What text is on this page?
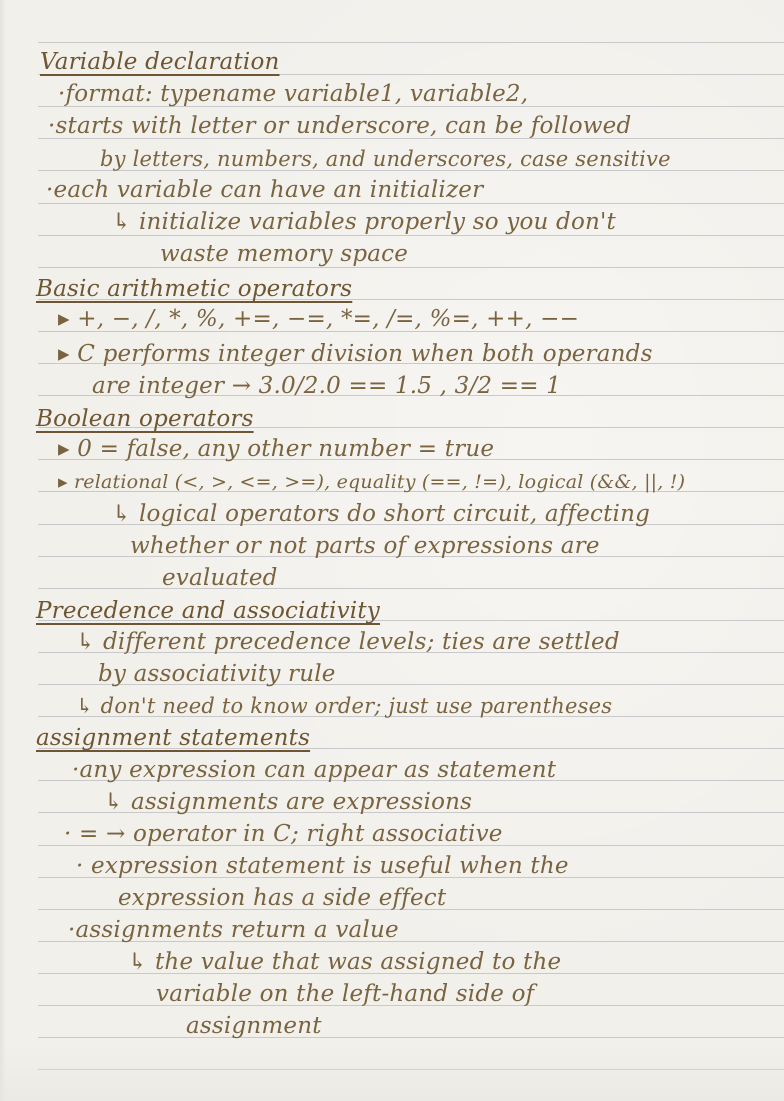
Variable declaration
·format: typename variable1, variable2,
·starts with letter or underscore, can be followed
by letters, numbers, and underscores, case sensitive
·each variable can have an initializer
↳ initialize variables properly so you don't
waste memory space
Basic arithmetic operators
▸ +, −, /, *, %, +=, −=, *=, /=, %=, ++, −−
▸ C performs integer division when both operands
are integer → 3.0/2.0 == 1.5 , 3/2 == 1
Boolean operators
▸ 0 = false, any other number = true
▸ relational (<, >, <=, >=), equality (==, !=), logical (&&, ||, !)
↳ logical operators do short circuit, affecting
whether or not parts of expressions are
evaluated
Precedence and associativity
↳ different precedence levels; ties are settled
by associativity rule
↳ don't need to know order; just use parentheses
assignment statements
·any expression can appear as statement
↳ assignments are expressions
· = → operator in C; right associative
· expression statement is useful when the
expression has a side effect
·assignments return a value
↳ the value that was assigned to the
variable on the left-hand side of
assignment
